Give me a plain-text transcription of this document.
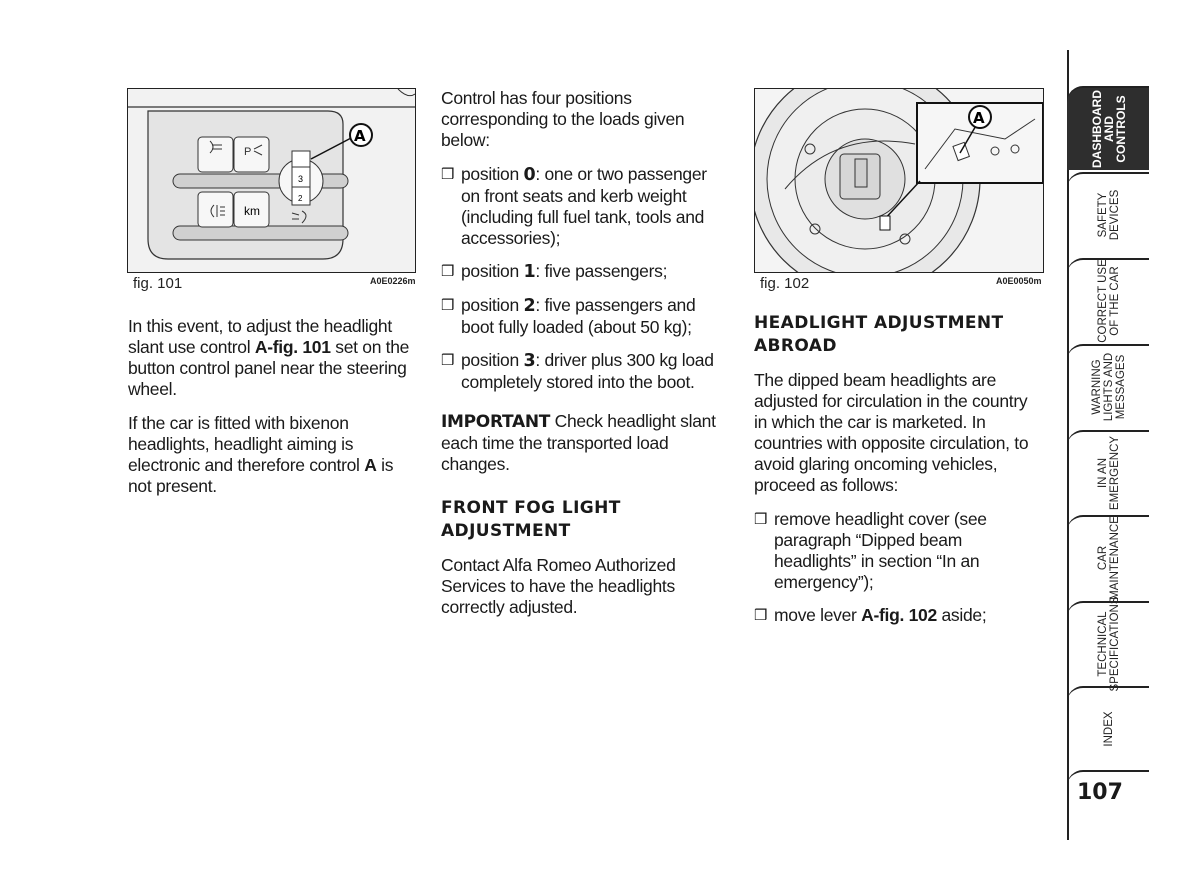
3
2
km
P
A
fig. 101	A0E0226m

In this event, to adjust the headlight slant use control A-fig. 101 set on the button control panel near the steering wheel.

If the car is fitted with bixenon headlights, headlight aiming is electronic and therefore control A is not present.

Control has four positions corresponding to the loads given below:

❒ position 0: one or two passenger on front seats and kerb weight (including full fuel tank, tools and accessories);
❒ position 1: five passengers;
❒ position 2: five passengers and boot fully loaded (about 50 kg);
❒ position 3: driver plus 300 kg load completely stored into the boot.

IMPORTANT Check headlight slant each time the transported load changes.

FRONT FOG LIGHT ADJUSTMENT

Contact Alfa Romeo Authorized Services to have the headlights correctly adjusted.

A
fig. 102	A0E0050m
HEADLIGHT ADJUSTMENT ABROAD

The dipped beam headlights are adjusted for circulation in the country in which the car is marketed. In countries with opposite circulation, to avoid glaring oncoming vehicles, proceed as follows:

❒ remove headlight cover (see paragraph “Dipped beam headlights” in section “In an emergency”);
❒ move lever A-fig. 102 aside;
DASHBOARD
AND
CONTROLS
SAFETY
DEVICES
CORRECT USE
OF THE CAR
WARNING
LIGHTS AND
MESSAGES
IN AN
EMERGENCY
CAR
MAINTENANCE
TECHNICAL
SPECIFICATIONS
INDEX
107
